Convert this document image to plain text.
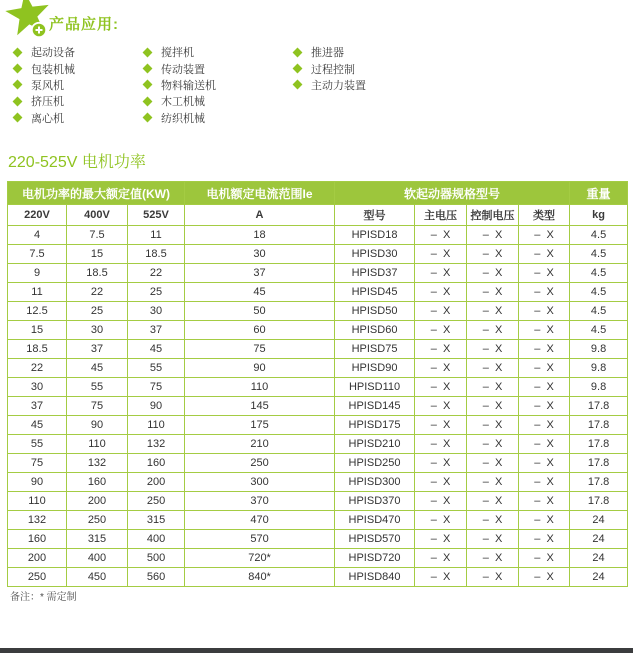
产品应用:
起动设备
包装机械
泵风机
挤压机
离心机
搅拌机
传动装置
物料输送机
木工机械
纺织机械
推进器
过程控制
主动力装置
220-525V 电机功率
电机功率的最大额定值(KW)			电机额定电流范围Ie	软起动器规格型号				重量
220V	400V	525V	A	型号	主电压	控制电压	类型	kg
4	7.5	11	18	HPISD18	–  X	–  X	–  X	4.5
7.5	15	18.5	30	HPISD30	–  X	–  X	–  X	4.5
9	18.5	22	37	HPISD37	–  X	–  X	–  X	4.5
11	22	25	45	HPISD45	–  X	–  X	–  X	4.5
12.5	25	30	50	HPISD50	–  X	–  X	–  X	4.5
15	30	37	60	HPISD60	–  X	–  X	–  X	4.5
18.5	37	45	75	HPISD75	–  X	–  X	–  X	9.8
22	45	55	90	HPISD90	–  X	–  X	–  X	9.8
30	55	75	110	HPISD110	–  X	–  X	–  X	9.8
37	75	90	145	HPISD145	–  X	–  X	–  X	17.8
45	90	110	175	HPISD175	–  X	–  X	–  X	17.8
55	110	132	210	HPISD210	–  X	–  X	–  X	17.8
75	132	160	250	HPISD250	–  X	–  X	–  X	17.8
90	160	200	300	HPISD300	–  X	–  X	–  X	17.8
110	200	250	370	HPISD370	–  X	–  X	–  X	17.8
132	250	315	470	HPISD470	–  X	–  X	–  X	24
160	315	400	570	HPISD570	–  X	–  X	–  X	24
200	400	500	720*	HPISD720	–  X	–  X	–  X	24
250	450	560	840*	HPISD840	–  X	–  X	–  X	24
备注：* 需定制
